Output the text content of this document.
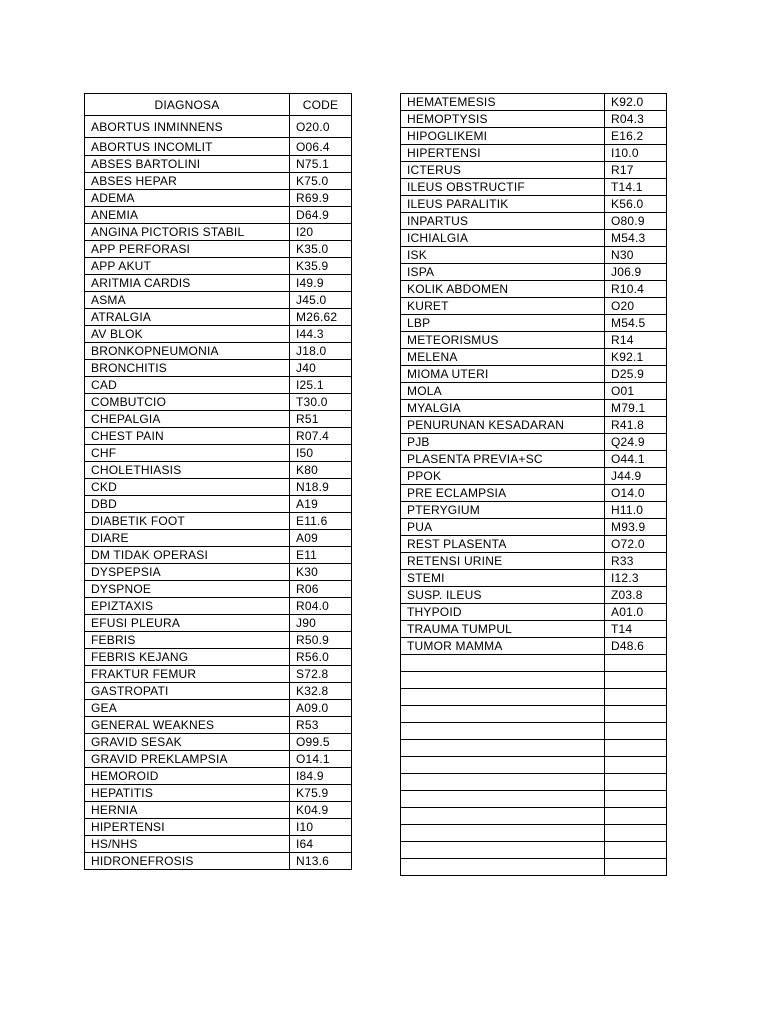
DIAGNOSA	CODE
ABORTUS INMINNENS	O20.0
ABORTUS INCOMLIT	O06.4
ABSES BARTOLINI	N75.1
ABSES HEPAR	K75.0
ADEMA	R69.9
ANEMIA	D64.9
ANGINA PICTORIS STABIL	I20
APP PERFORASI	K35.0
APP AKUT	K35.9
ARITMIA CARDIS	I49.9
ASMA	J45.0
ATRALGIA	M26.62
AV BLOK	I44.3
BRONKOPNEUMONIA	J18.0
BRONCHITIS	J40
CAD	I25.1
COMBUTCIO	T30.0
CHEPALGIA	R51
CHEST PAIN	R07.4
CHF	I50
CHOLETHIASIS	K80
CKD	N18.9
DBD	A19
DIABETIK FOOT	E11.6
DIARE	A09
DM TIDAK OPERASI	E11
DYSPEPSIA	K30
DYSPNOE	R06
EPIZTAXIS	R04.0
EFUSI PLEURA	J90
FEBRIS	R50.9
FEBRIS KEJANG	R56.0
FRAKTUR FEMUR	S72.8
GASTROPATI	K32.8
GEA	A09.0
GENERAL WEAKNES	R53
GRAVID SESAK	O99.5
GRAVID PREKLAMPSIA	O14.1
HEMOROID	I84.9
HEPATITIS	K75.9
HERNIA	K04.9
HIPERTENSI	I10
HS/NHS	I64
HIDRONEFROSIS	N13.6
HEMATEMESIS	K92.0
HEMOPTYSIS	R04.3
HIPOGLIKEMI	E16.2
HIPERTENSI	I10.0
ICTERUS	R17
ILEUS OBSTRUCTIF	T14.1
ILEUS PARALITIK	K56.0
INPARTUS	O80.9
ICHIALGIA	M54.3
ISK	N30
ISPA	J06.9
KOLIK ABDOMEN	R10.4
KURET	O20
LBP	M54.5
METEORISMUS	R14
MELENA	K92.1
MIOMA UTERI	D25.9
MOLA	O01
MYALGIA	M79.1
PENURUNAN KESADARAN	R41.8
PJB	Q24.9
PLASENTA PREVIA+SC	O44.1
PPOK	J44.9
PRE ECLAMPSIA	O14.0
PTERYGIUM	H11.0
PUA	M93.9
REST PLASENTA	O72.0
RETENSI URINE	R33
STEMI	I12.3
SUSP. ILEUS	Z03.8
THYPOID	A01.0
TRAUMA TUMPUL	T14
TUMOR MAMMA	D48.6
